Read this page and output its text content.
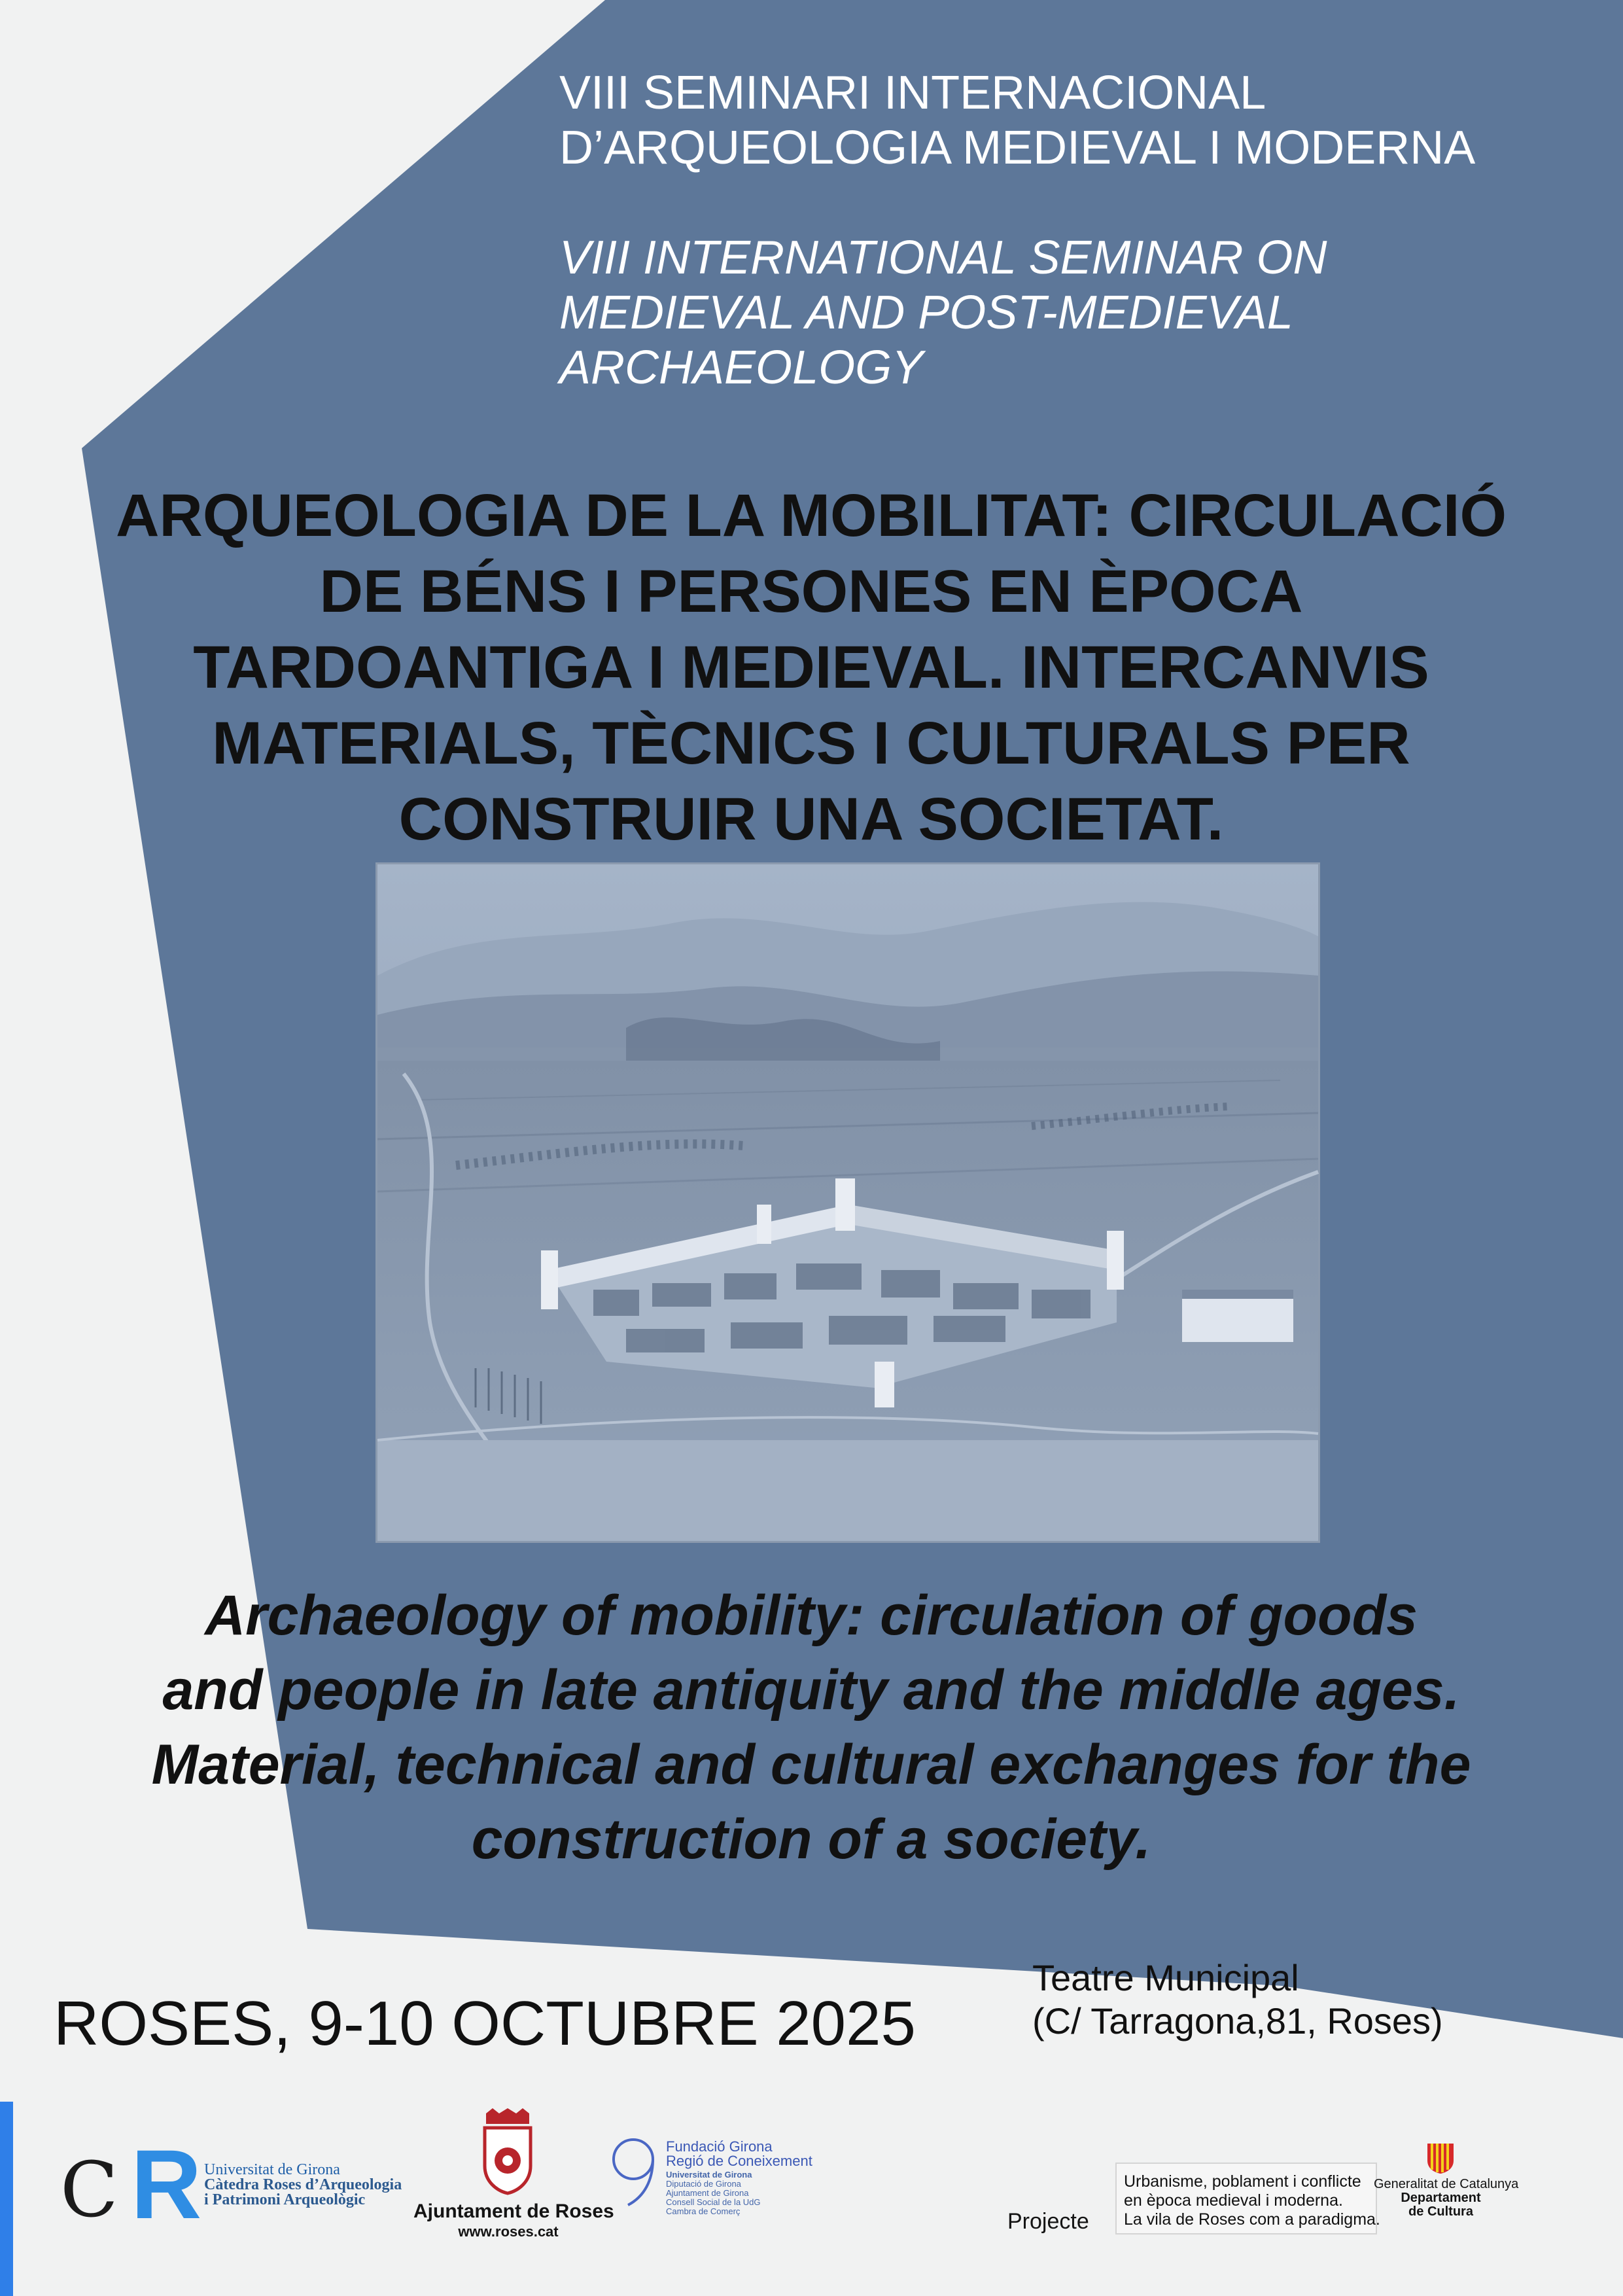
VIII SEMINARI INTERNACIONAL
D’ARQUEOLOGIA MEDIEVAL I MODERNA
VIII INTERNATIONAL SEMINAR ON
MEDIEVAL AND POST-MEDIEVAL
ARCHAEOLOGY
ARQUEOLOGIA DE LA MOBILITAT: CIRCULACIÓ
DE BÉNS I PERSONES EN ÈPOCA
TARDOANTIGA I MEDIEVAL. INTERCANVIS
MATERIALS, TÈCNICS I CULTURALS PER
CONSTRUIR UNA SOCIETAT.
Archaeology of mobility: circulation of goods
and people in late antiquity and the middle ages.
Material, technical and cultural exchanges for the
construction of a society.
ROSES, 9-10 OCTUBRE 2025
Teatre Municipal
(C/ Tarragona,81, Roses)
C R Universitat de Girona
Càtedra Roses d’Arqueologia
i Patrimoni Arqueològic
Ajuntament de Roses
www.roses.cat
Fundació Girona
Regió de Coneixement
Universitat de Girona
Diputació de Girona
Ajuntament de Girona
Consell Social de la UdG
Cambra de Comerç	Projecte
Urbanisme, poblament i conflicte
en època medieval i moderna.
La vila de Roses com a paradigma.
Generalitat de Catalunya
Departament
de Cultura
